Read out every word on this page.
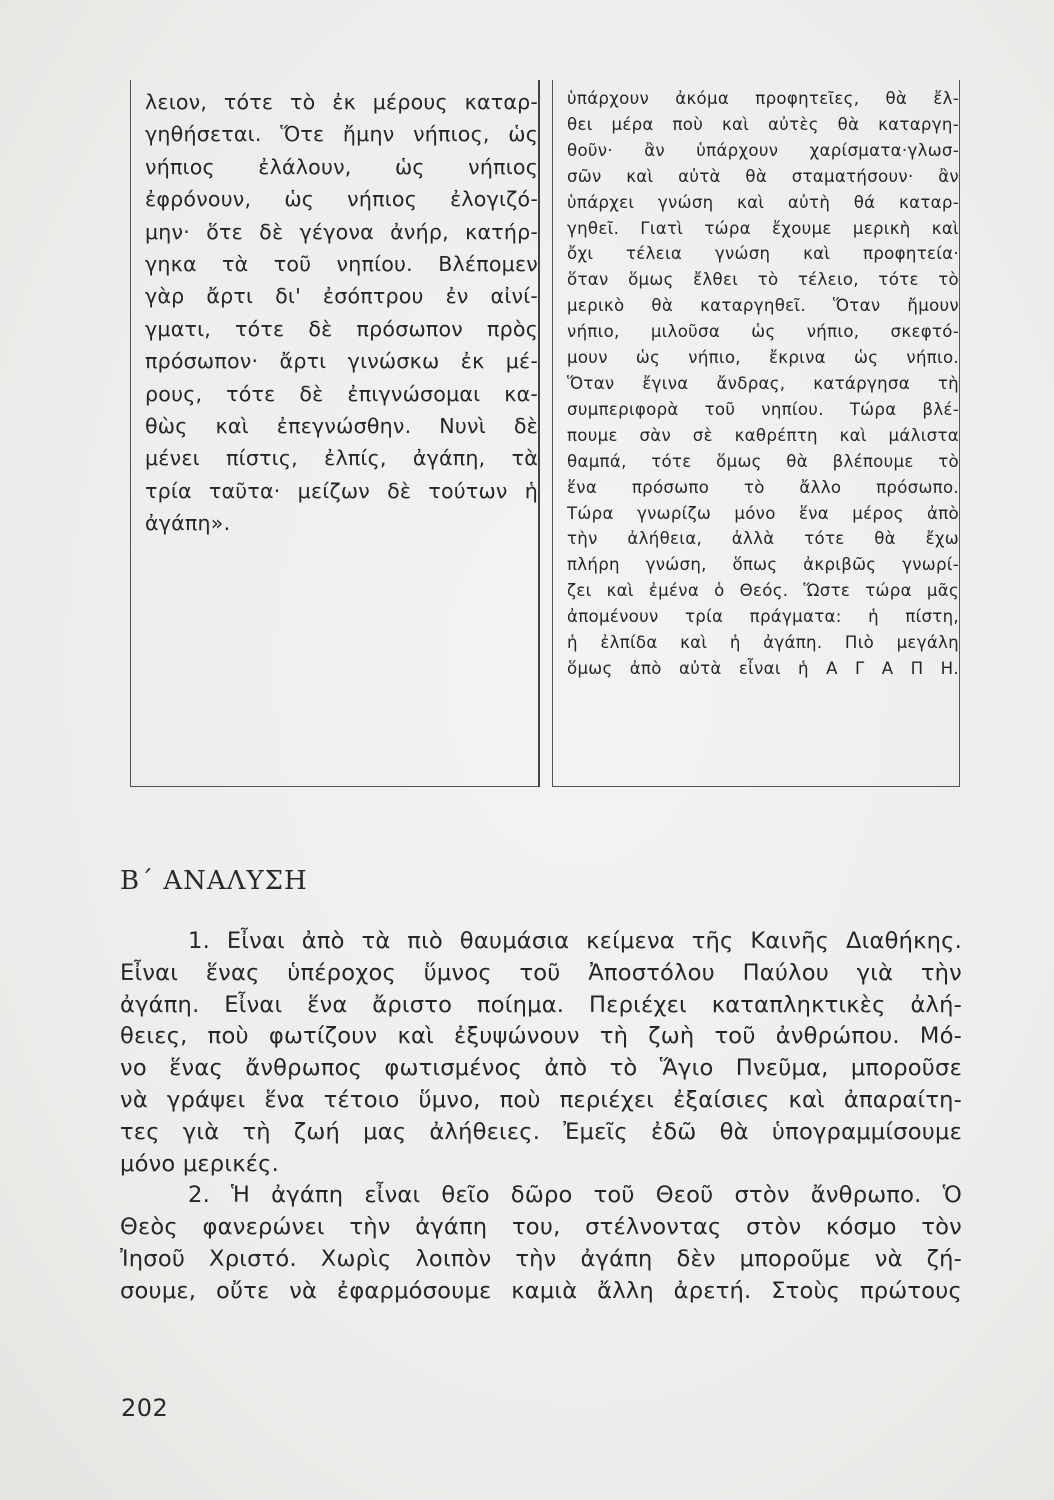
λειον, τότε τὸ ἐκ μέρους καταρ-
γηθήσεται. Ὅτε ἤμην νήπιος, ὡς
νήπιος ἐλάλουν, ὡς νήπιος
ἐφρόνουν, ὡς νήπιος ἐλογιζό-
μην· ὅτε δὲ γέγονα ἀνήρ, κατήρ-
γηκα τὰ τοῦ νηπίου. Βλέπομεν
γὰρ ἄρτι δι' ἐσόπτρου ἐν αἰνί-
γματι, τότε δὲ πρόσωπον πρὸς
πρόσωπον· ἄρτι γινώσκω ἐκ μέ-
ρους, τότε δὲ ἐπιγνώσομαι κα-
θὼς καὶ ἐπεγνώσθην. Νυνὶ δὲ
μένει πίστις, ἐλπίς, ἀγάπη, τὰ
τρία ταῦτα· μείζων δὲ τούτων ἡ
ἀγάπη».

ὑπάρχουν ἀκόμα προφητεῖες, θὰ ἔλ-
θει μέρα ποὺ καὶ αὐτὲς θὰ καταργη-
θοῦν· ἂν ὑπάρχουν χαρίσματα·γλωσ-
σῶν καὶ αὐτὰ θὰ σταματήσουν· ἂν
ὑπάρχει γνώση καὶ αὐτὴ θά καταρ-
γηθεῖ. Γιατὶ τώρα ἔχουμε μερικὴ καὶ
ὄχι τέλεια γνώση καὶ προφητεία·
ὅταν ὅμως ἔλθει τὸ τέλειο, τότε τὸ
μερικὸ θὰ καταργηθεῖ. Ὅταν ἤμουν
νήπιο, μιλοῦσα ὡς νήπιο, σκεφτό-
μουν ὡς νήπιο, ἔκρινα ὡς νήπιο.
Ὅταν ἔγινα ἄνδρας, κατάργησα τὴ
συμπεριφορὰ τοῦ νηπίου. Τώρα βλέ-
πουμε σὰν σὲ καθρέπτη καὶ μάλιστα
θαμπά, τότε ὅμως θὰ βλέπουμε τὸ
ἕνα πρόσωπο τὸ ἄλλο πρόσωπο.
Τώρα γνωρίζω μόνο ἕνα μέρος ἀπὸ
τὴν ἀλήθεια, ἀλλὰ τότε θὰ ἔχω
πλήρη γνώση, ὅπως ἀκριβῶς γνωρί-
ζει καὶ ἐμένα ὁ Θεός. Ὥστε τώρα μᾶς
ἀπομένουν τρία πράγματα: ἡ πίστη,
ἡ ἐλπίδα καὶ ἡ ἀγάπη. Πιὸ μεγάλη
ὅμως ἀπὸ αὐτὰ εἶναι ἡ Α Γ Α Π Η.

Β΄ ΑΝΑΛΥΣΗ
1. Εἶναι ἀπὸ τὰ πιὸ θαυμάσια κείμενα τῆς Καινῆς Διαθήκης.
Εἶναι ἕνας ὑπέροχος ὕμνος τοῦ Ἀποστόλου Παύλου γιὰ τὴν
ἀγάπη. Εἶναι ἕνα ἄριστο ποίημα. Περιέχει καταπληκτικὲς ἀλή-
θειες, ποὺ φωτίζουν καὶ ἐξυψώνουν τὴ ζωὴ τοῦ ἀνθρώπου. Μό-
νο ἕνας ἄνθρωπος φωτισμένος ἀπὸ τὸ Ἅγιο Πνεῦμα, μποροῦσε
νὰ γράψει ἕνα τέτοιο ὕμνο, ποὺ περιέχει ἐξαίσιες καὶ ἀπαραίτη-
τες γιὰ τὴ ζωή μας ἀλήθειες. Ἐμεῖς ἐδῶ θὰ ὑπογραμμίσουμε
μόνο μερικές.
2. Ἡ ἀγάπη εἶναι θεῖο δῶρο τοῦ Θεοῦ στὸν ἄνθρωπο. Ὁ
Θεὸς φανερώνει τὴν ἀγάπη του, στέλνοντας στὸν κόσμο τὸν
Ἰησοῦ Χριστό. Χωρὶς λοιπὸν τὴν ἀγάπη δὲν μποροῦμε νὰ ζή-
σουμε, οὔτε νὰ ἐφαρμόσουμε καμιὰ ἄλλη ἀρετή. Στοὺς πρώτους
202
